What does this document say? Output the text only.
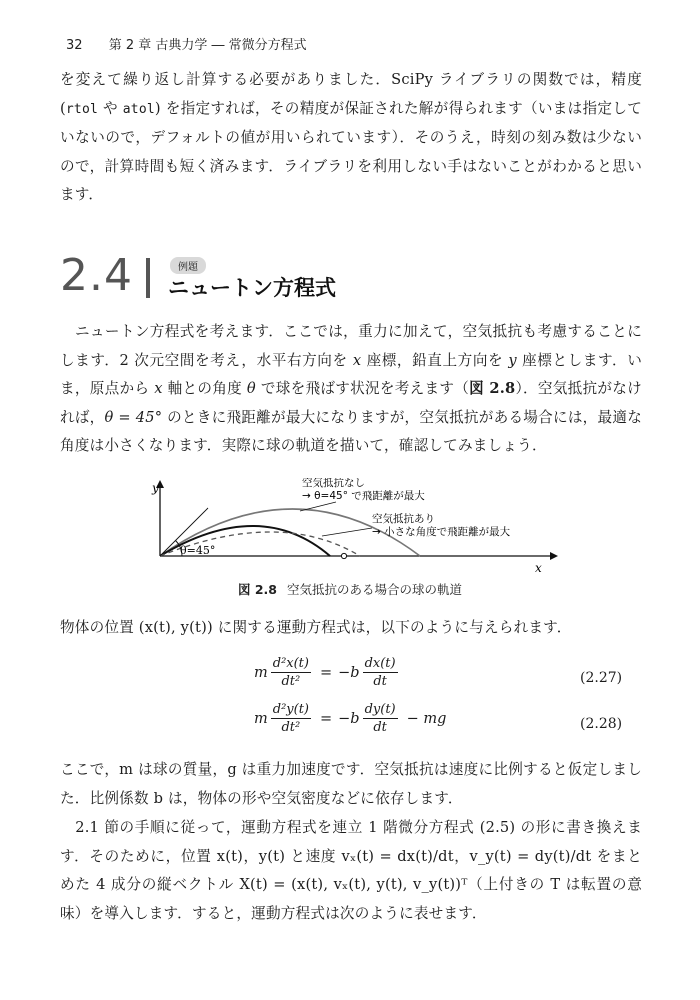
32 第 2 章 古典力学 ― 常微分方程式
を変えて繰り返し計算する必要がありました．SciPy ライブラリの関数では，精度 (rtol や atol) を指定すれば，その精度が保証された解が得られます（いまは指定していないので，デフォルトの値が用いられています）．そのうえ，時刻の刻み数は少ないので，計算時間も短く済みます．ライブラリを利用しない手はないことがわかると思います．
2.4	例題
ニュートン方程式
　ニュートン方程式を考えます．ここでは，重力に加えて，空気抵抗も考慮することにします．2 次元空間を考え，水平右方向を x 座標，鉛直上方向を y 座標とします．いま，原点から x 軸との角度 θ で球を飛ばす状況を考えます（図 2.8）．空気抵抗がなければ，θ = 45° のときに飛距離が最大になりますが，空気抵抗がある場合には，最適な角度は小さくなります．実際に球の軌道を描いて，確認してみましょう．
y
x
θ=45°
空気抵抗なし
→ θ=45° で飛距離が最大
空気抵抗あり
→ 小さな角度で飛距離が最大
図 2.8 空気抵抗のある場合の球の軌道
物体の位置 (x(t), y(t)) に関する運動方程式は，以下のように与えられます．
m $\frac{\text{d²x(t)}}{\text{dt²}} = -b \frac{dx(t)}{dt}$	(2.27)
m $\frac{\text{d²y(t)}}{\text{dt²}} = -b \frac{dy(t)}{dt}$ − mg	(2.28)
ここで，m は球の質量，g は重力加速度です．空気抵抗は速度に比例すると仮定しました．比例係数 b は，物体の形や空気密度などに依存します．
　2.1 節の手順に従って，運動方程式を連立 1 階微分方程式 (2.5) の形に書き換えます．そのために，位置 x(t)，y(t) と速度 vₓ(t) = dx(t)/dt，v_y(t) = dy(t)/dt をまとめた 4 成分の縦ベクトル X(t) = (x(t), vₓ(t), y(t), v_y(t))ᵀ（上付きの T は転置の意味）を導入します．すると，運動方程式は次のように表せます．
